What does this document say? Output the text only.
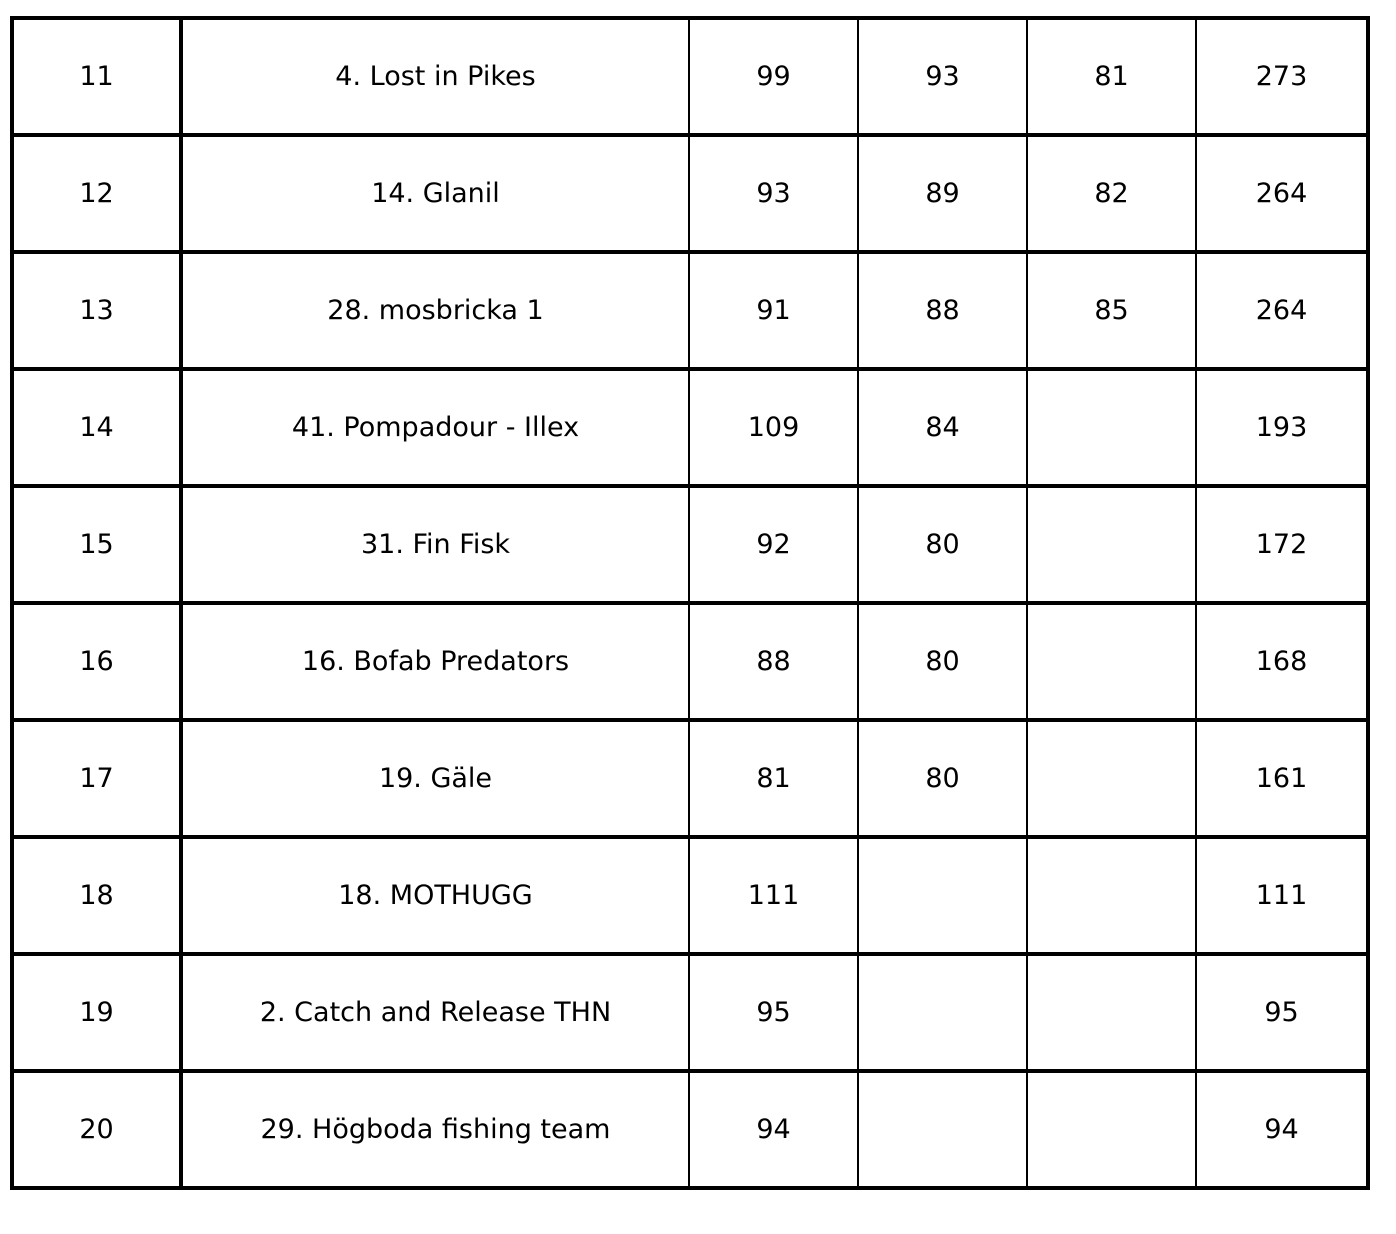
11	4. Lost in Pikes	99	93	81	273
12	14. Glanil	93	89	82	264
13	28. mosbricka 1	91	88	85	264
14	41. Pompadour - Illex	109	84		193
15	31. Fin Fisk	92	80		172
16	16. Bofab Predators	88	80		168
17	19. Gäle	81	80		161
18	18. MOTHUGG	111			111
19	2. Catch and Release THN	95			95
20	29. Högboda fishing team	94			94
